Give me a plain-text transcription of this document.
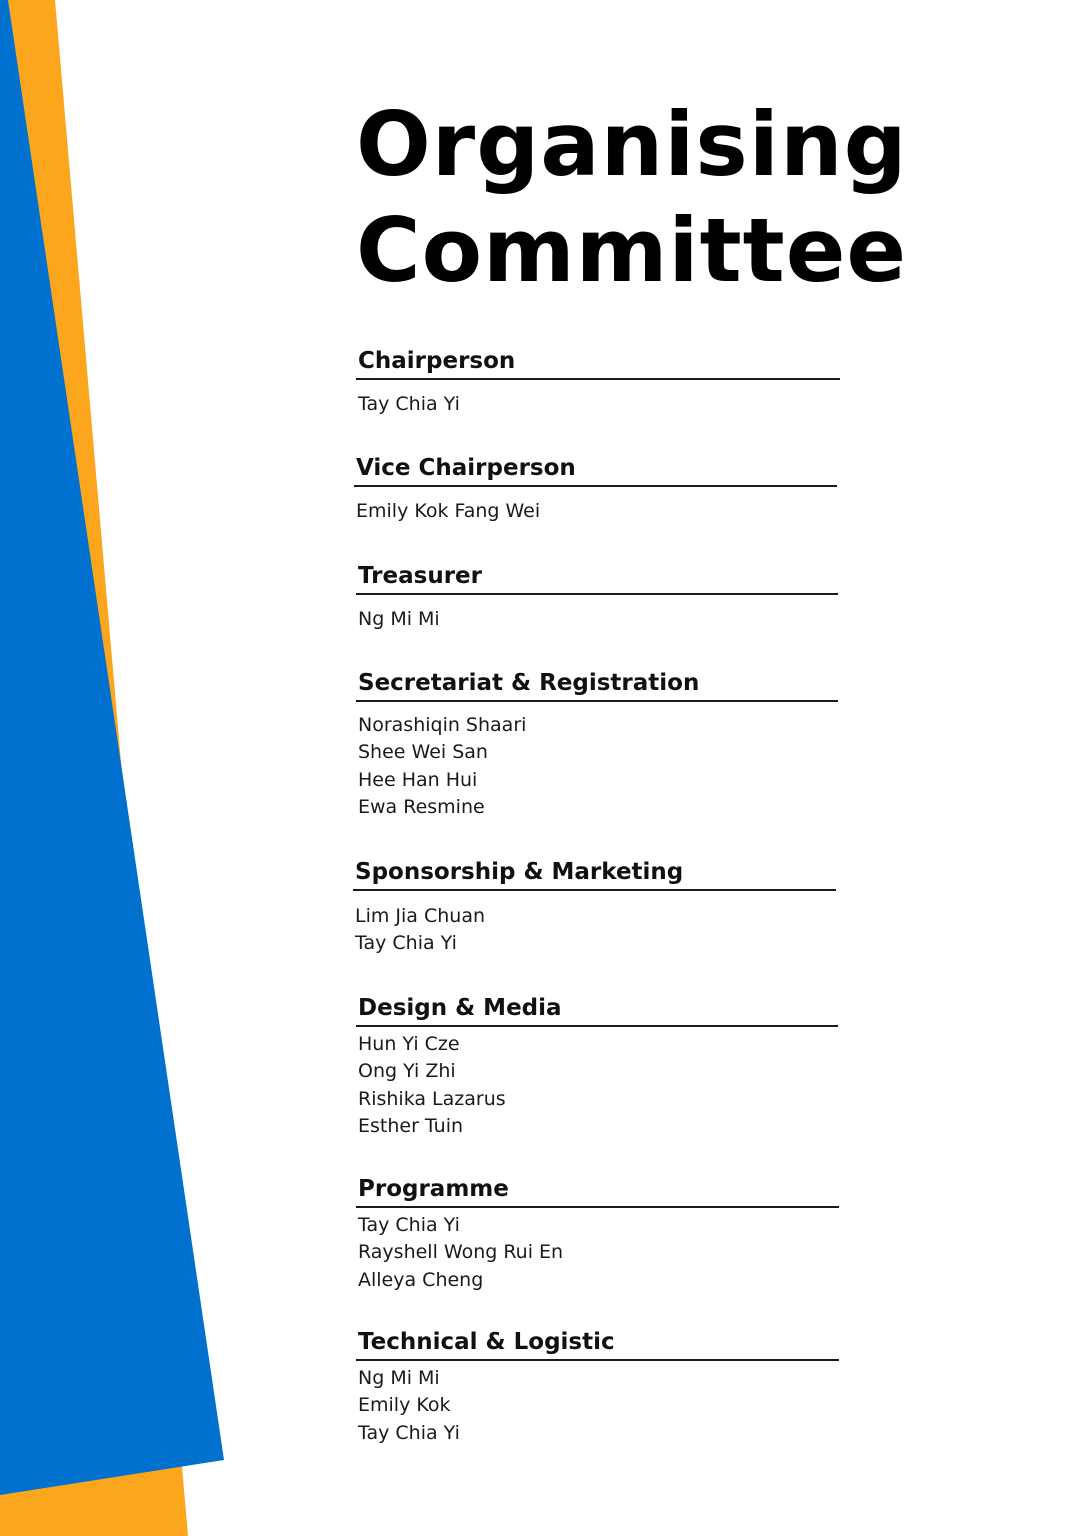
Organising
Committee
Chairperson
Tay Chia Yi
Vice Chairperson
Emily Kok Fang Wei
Treasurer
Ng Mi Mi
Secretariat & Registration
Norashiqin Shaari
Shee Wei San
Hee Han Hui
Ewa Resmine
Sponsorship & Marketing
Lim Jia Chuan
Tay Chia Yi
Design & Media
Hun Yi Cze
Ong Yi Zhi
Rishika Lazarus
Esther Tuin
Programme
Tay Chia Yi
Rayshell Wong Rui En
Alleya Cheng
Technical & Logistic
Ng Mi Mi
Emily Kok
Tay Chia Yi
